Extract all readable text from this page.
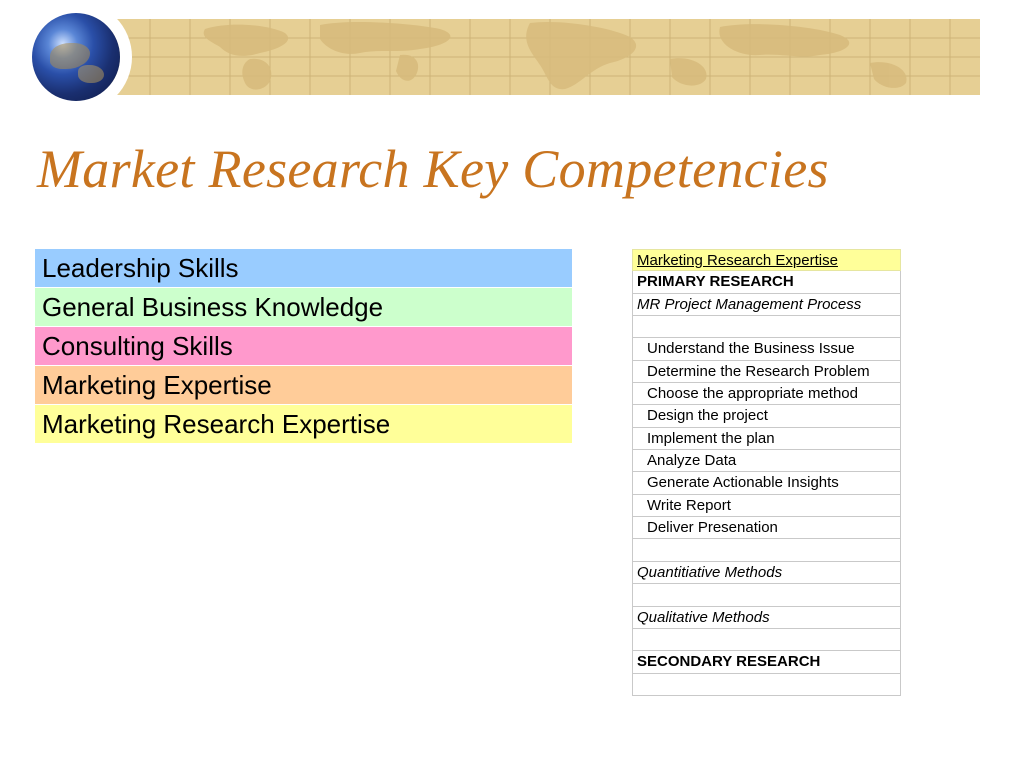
Market Research Key Competencies
Leadership Skills
General Business Knowledge
Consulting Skills
Marketing Expertise
Marketing Research Expertise
Marketing Research Expertise
PRIMARY RESEARCH
MR Project Management Process
Understand the Business Issue
Determine the Research Problem
Choose the appropriate method
Design the project
Implement the plan
Analyze Data
Generate Actionable Insights
Write Report
Deliver Presenation
Quantitiative Methods
Qualitative Methods
SECONDARY RESEARCH
